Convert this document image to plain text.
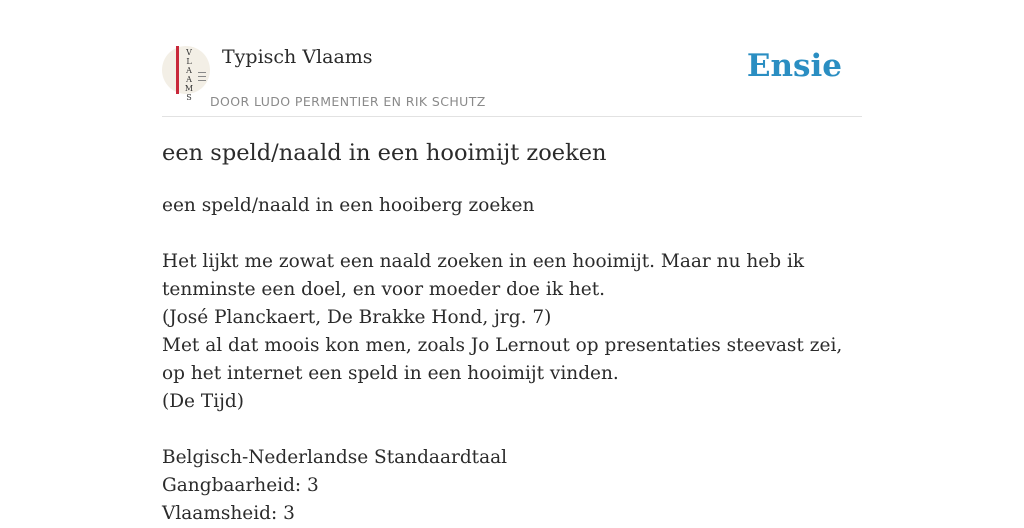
V
L
A
A
M
S
Typisch Vlaams
DOOR LUDO PERMENTIER EN RIK SCHUTZ
Ensie
een speld/naald in een hooimijt zoeken

een speld/naald in een hooiberg zoeken

Het lijkt me zowat een naald zoeken in een hooimijt. Maar nu heb ik tenminste een doel, en voor moeder doe ik het.

(José Planckaert, De Brakke Hond, jrg. 7)

Met al dat moois kon men, zoals Jo Lernout op presentaties steevast zei, op het internet een speld in een hooimijt vinden.

(De Tijd)

Belgisch-Nederlandse Standaardtaal

Gangbaarheid: 3

Vlaamsheid: 3
